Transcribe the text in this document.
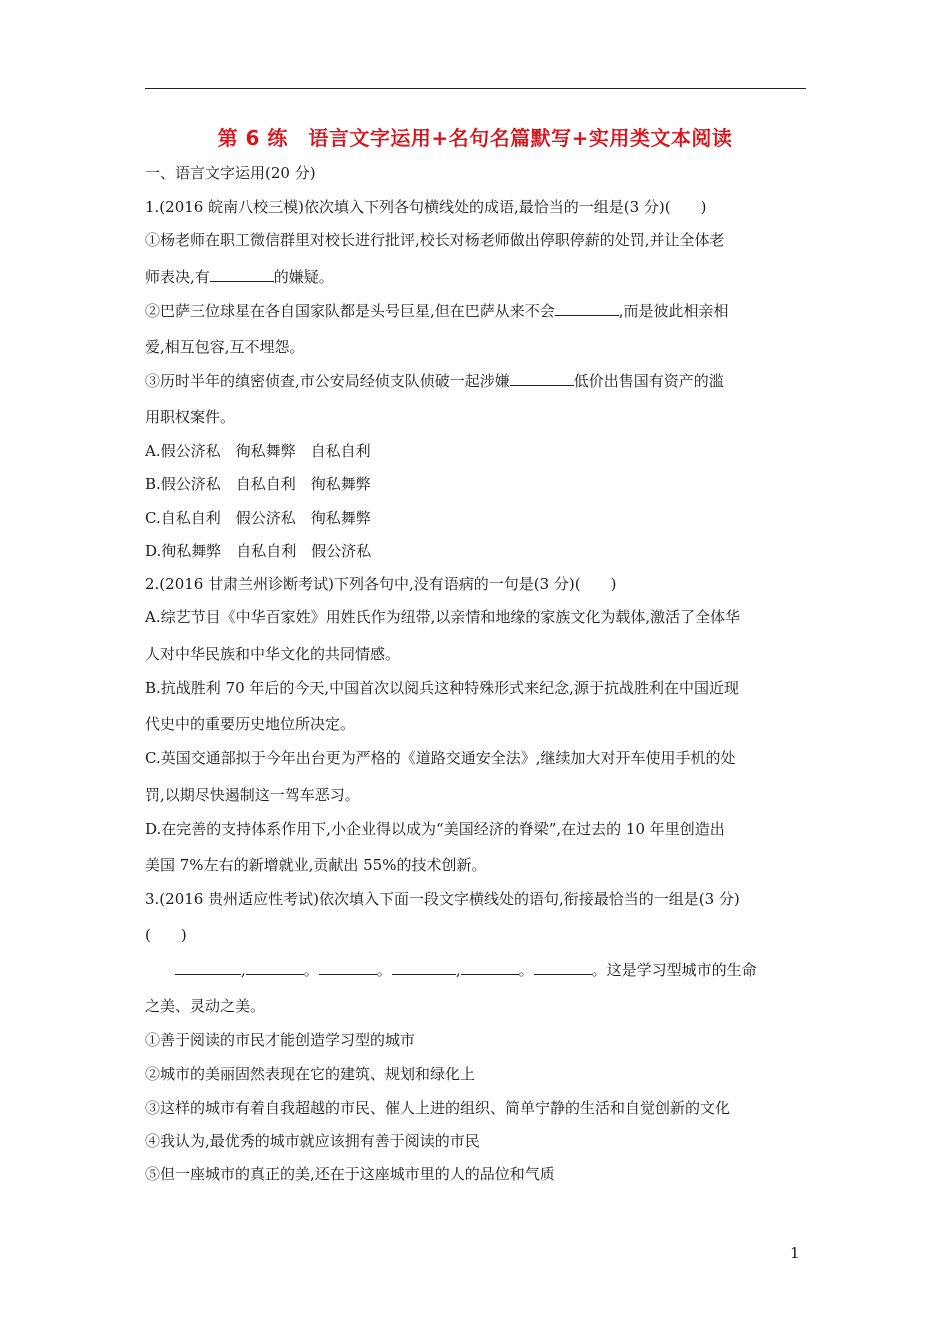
第 6 练　语言文字运用+名句名篇默写+实用类文本阅读
一、语言文字运用(20 分)
1.(2016 皖南八校三模)依次填入下列各句横线处的成语,最恰当的一组是(3 分)(　　)
①杨老师在职工微信群里对校长进行批评,校长对杨老师做出停职停薪的处罚,并让全体老
师表决,有	的嫌疑。
②巴萨三位球星在各自国家队都是头号巨星,但在巴萨从来不会	,而是彼此相亲相
爱,相互包容,互不埋怨。
③历时半年的缜密侦查,市公安局经侦支队侦破一起涉嫌	低价出售国有资产的滥
用职权案件。
A.假公济私　徇私舞弊　自私自利
B.假公济私　自私自利　徇私舞弊
C.自私自利　假公济私　徇私舞弊
D.徇私舞弊　自私自利　假公济私
2.(2016 甘肃兰州诊断考试)下列各句中,没有语病的一句是(3 分)(　　)
A.综艺节目《中华百家姓》用姓氏作为纽带,以亲情和地缘的家族文化为载体,激活了全体华
人对中华民族和中华文化的共同情感。
B.抗战胜利 70 年后的今天,中国首次以阅兵这种特殊形式来纪念,源于抗战胜利在中国近现
代史中的重要历史地位所决定。
C.英国交通部拟于今年出台更为严格的《道路交通安全法》,继续加大对开车使用手机的处
罚,以期尽快遏制这一驾车恶习。
D.在完善的支持体系作用下,小企业得以成为“美国经济的脊梁”,在过去的 10 年里创造出
美国 7%左右的新增就业,贡献出 55%的技术创新。
3.(2016 贵州适应性考试)依次填入下面一段文字横线处的语句,衔接最恰当的一组是(3 分)
(　　)
,	。	。	,	。	。这是学习型城市的生命
之美、灵动之美。
①善于阅读的市民才能创造学习型的城市
②城市的美丽固然表现在它的建筑、规划和绿化上
③这样的城市有着自我超越的市民、催人上进的组织、简单宁静的生活和自觉创新的文化
④我认为,最优秀的城市就应该拥有善于阅读的市民
⑤但一座城市的真正的美,还在于这座城市里的人的品位和气质
1
